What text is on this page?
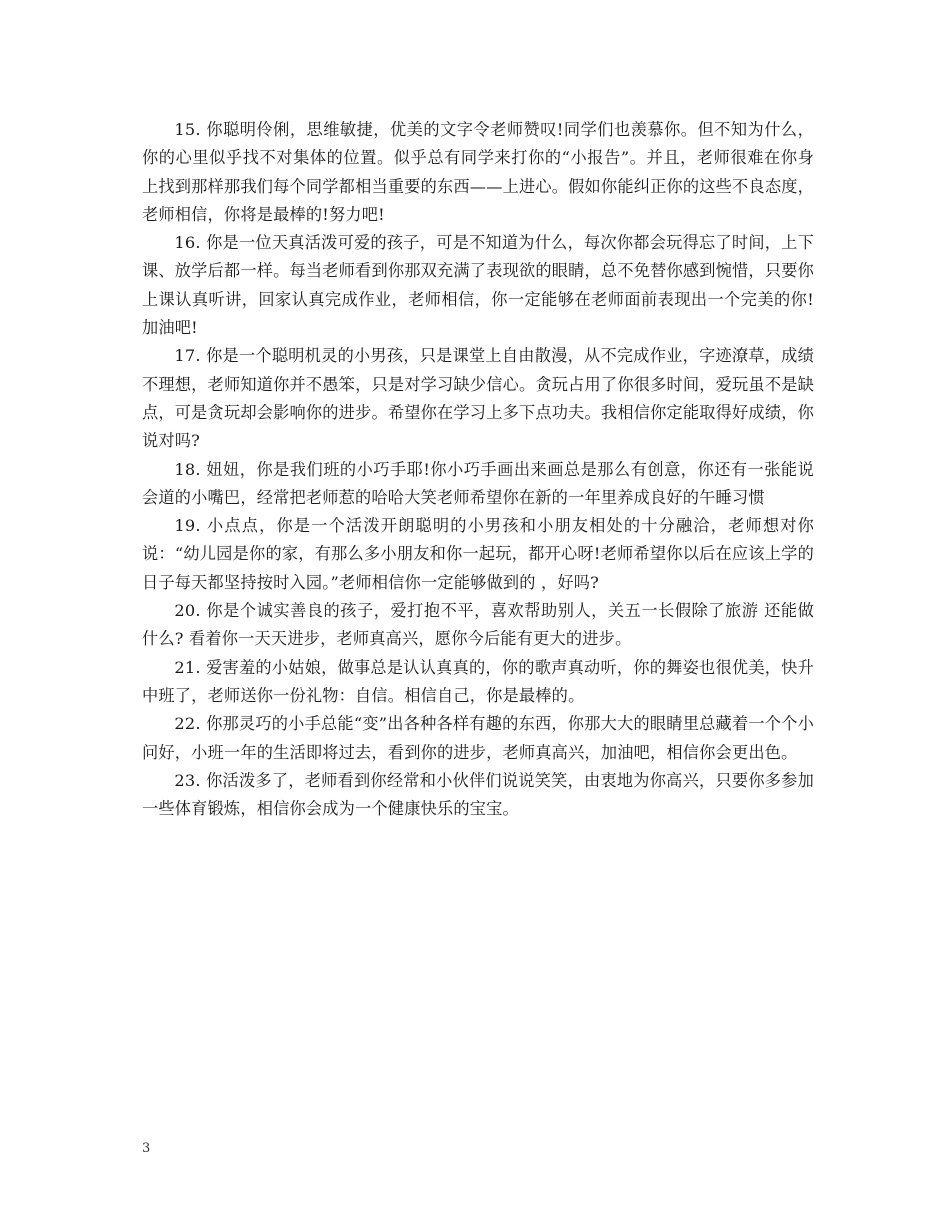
15. 你聪明伶俐，思维敏捷，优美的文字令老师赞叹!同学们也羡慕你。但不知为什么，你的心里似乎找不对集体的位置。似乎总有同学来打你的“小报告”。并且，老师很难在你身上找到那样那我们每个同学都相当重要的东西——上进心。假如你能纠正你的这些不良态度，老师相信，你将是最棒的!努力吧!

16. 你是一位天真活泼可爱的孩子，可是不知道为什么，每次你都会玩得忘了时间，上下课、放学后都一样。每当老师看到你那双充满了表现欲的眼睛，总不免替你感到惋惜，只要你上课认真听讲，回家认真完成作业，老师相信，你一定能够在老师面前表现出一个完美的你!加油吧!

17. 你是一个聪明机灵的小男孩，只是课堂上自由散漫，从不完成作业，字迹潦草，成绩不理想，老师知道你并不愚笨，只是对学习缺少信心。贪玩占用了你很多时间，爱玩虽不是缺点，可是贪玩却会影响你的进步。希望你在学习上多下点功夫。我相信你定能取得好成绩，你说对吗?

18. 妞妞，你是我们班的小巧手耶!你小巧手画出来画总是那么有创意，你还有一张能说会道的小嘴巴，经常把老师惹的哈哈大笑老师希望你在新的一年里养成良好的午睡习惯

19. 小点点，你是一个活泼开朗聪明的小男孩和小朋友相处的十分融洽，老师想对你说：“幼儿园是你的家，有那么多小朋友和你一起玩，都开心呀!老师希望你以后在应该上学的日子每天都坚持按时入园。”老师相信你一定能够做到的 ，好吗?

20. 你是个诚实善良的孩子，爱打抱不平，喜欢帮助别人，关五一长假除了旅游 还能做什么? 看着你一天天进步，老师真高兴，愿你今后能有更大的进步。

21. 爱害羞的小姑娘，做事总是认认真真的，你的歌声真动听，你的舞姿也很优美，快升中班了，老师送你一份礼物：自信。相信自己，你是最棒的。

22. 你那灵巧的小手总能“变”出各种各样有趣的东西，你那大大的眼睛里总藏着一个个小问好，小班一年的生活即将过去，看到你的进步，老师真高兴，加油吧，相信你会更出色。

23. 你活泼多了，老师看到你经常和小伙伴们说说笑笑，由衷地为你高兴，只要你多参加一些体育锻炼，相信你会成为一个健康快乐的宝宝。

3
